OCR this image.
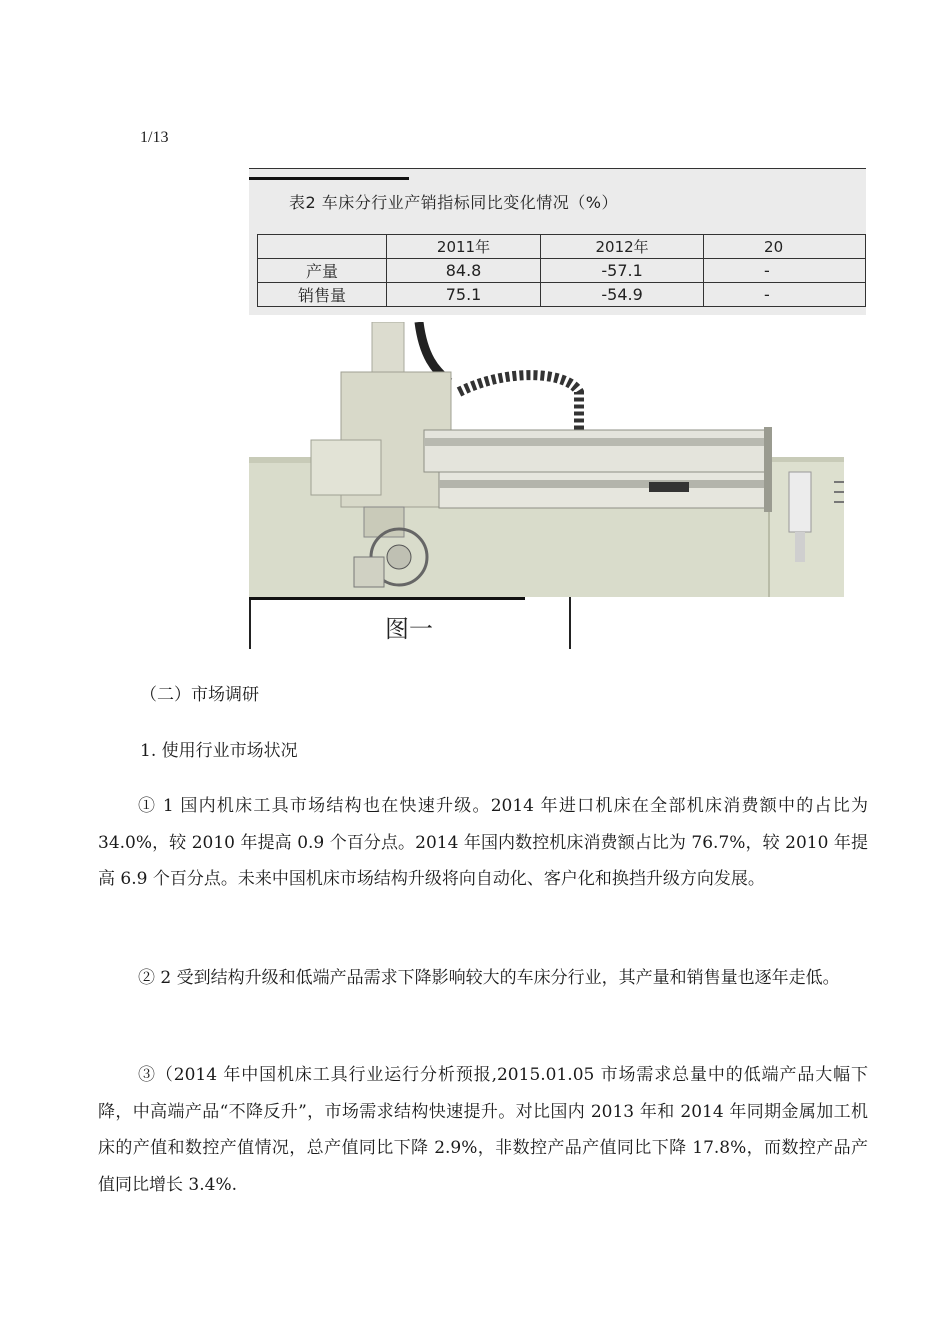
1/13
表2 车床分行业产销指标同比变化情况（%）
	2011年	2012年	20
产量	84.8	-57.1	-
销售量	75.1	-54.9	-
图一
（二）市场调研
1. 使用行业市场状况
① 1 国内机床工具市场结构也在快速升级。2014 年进口机床在全部机床消费额中的占比为 34.0%，较 2010 年提高 0.9 个百分点。2014 年国内数控机床消费额占比为 76.7%，较 2010 年提高 6.9 个百分点。未来中国机床市场结构升级将向自动化、客户化和换挡升级方向发展。
② 2 受到结构升级和低端产品需求下降影响较大的车床分行业，其产量和销售量也逐年走低。
③（2014 年中国机床工具行业运行分析预报,2015.01.05 市场需求总量中的低端产品大幅下降，中高端产品“不降反升”，市场需求结构快速提升。对比国内 2013 年和 2014 年同期金属加工机床的产值和数控产值情况，总产值同比下降 2.9%，非数控产品产值同比下降 17.8%，而数控产品产值同比增长 3.4%.
